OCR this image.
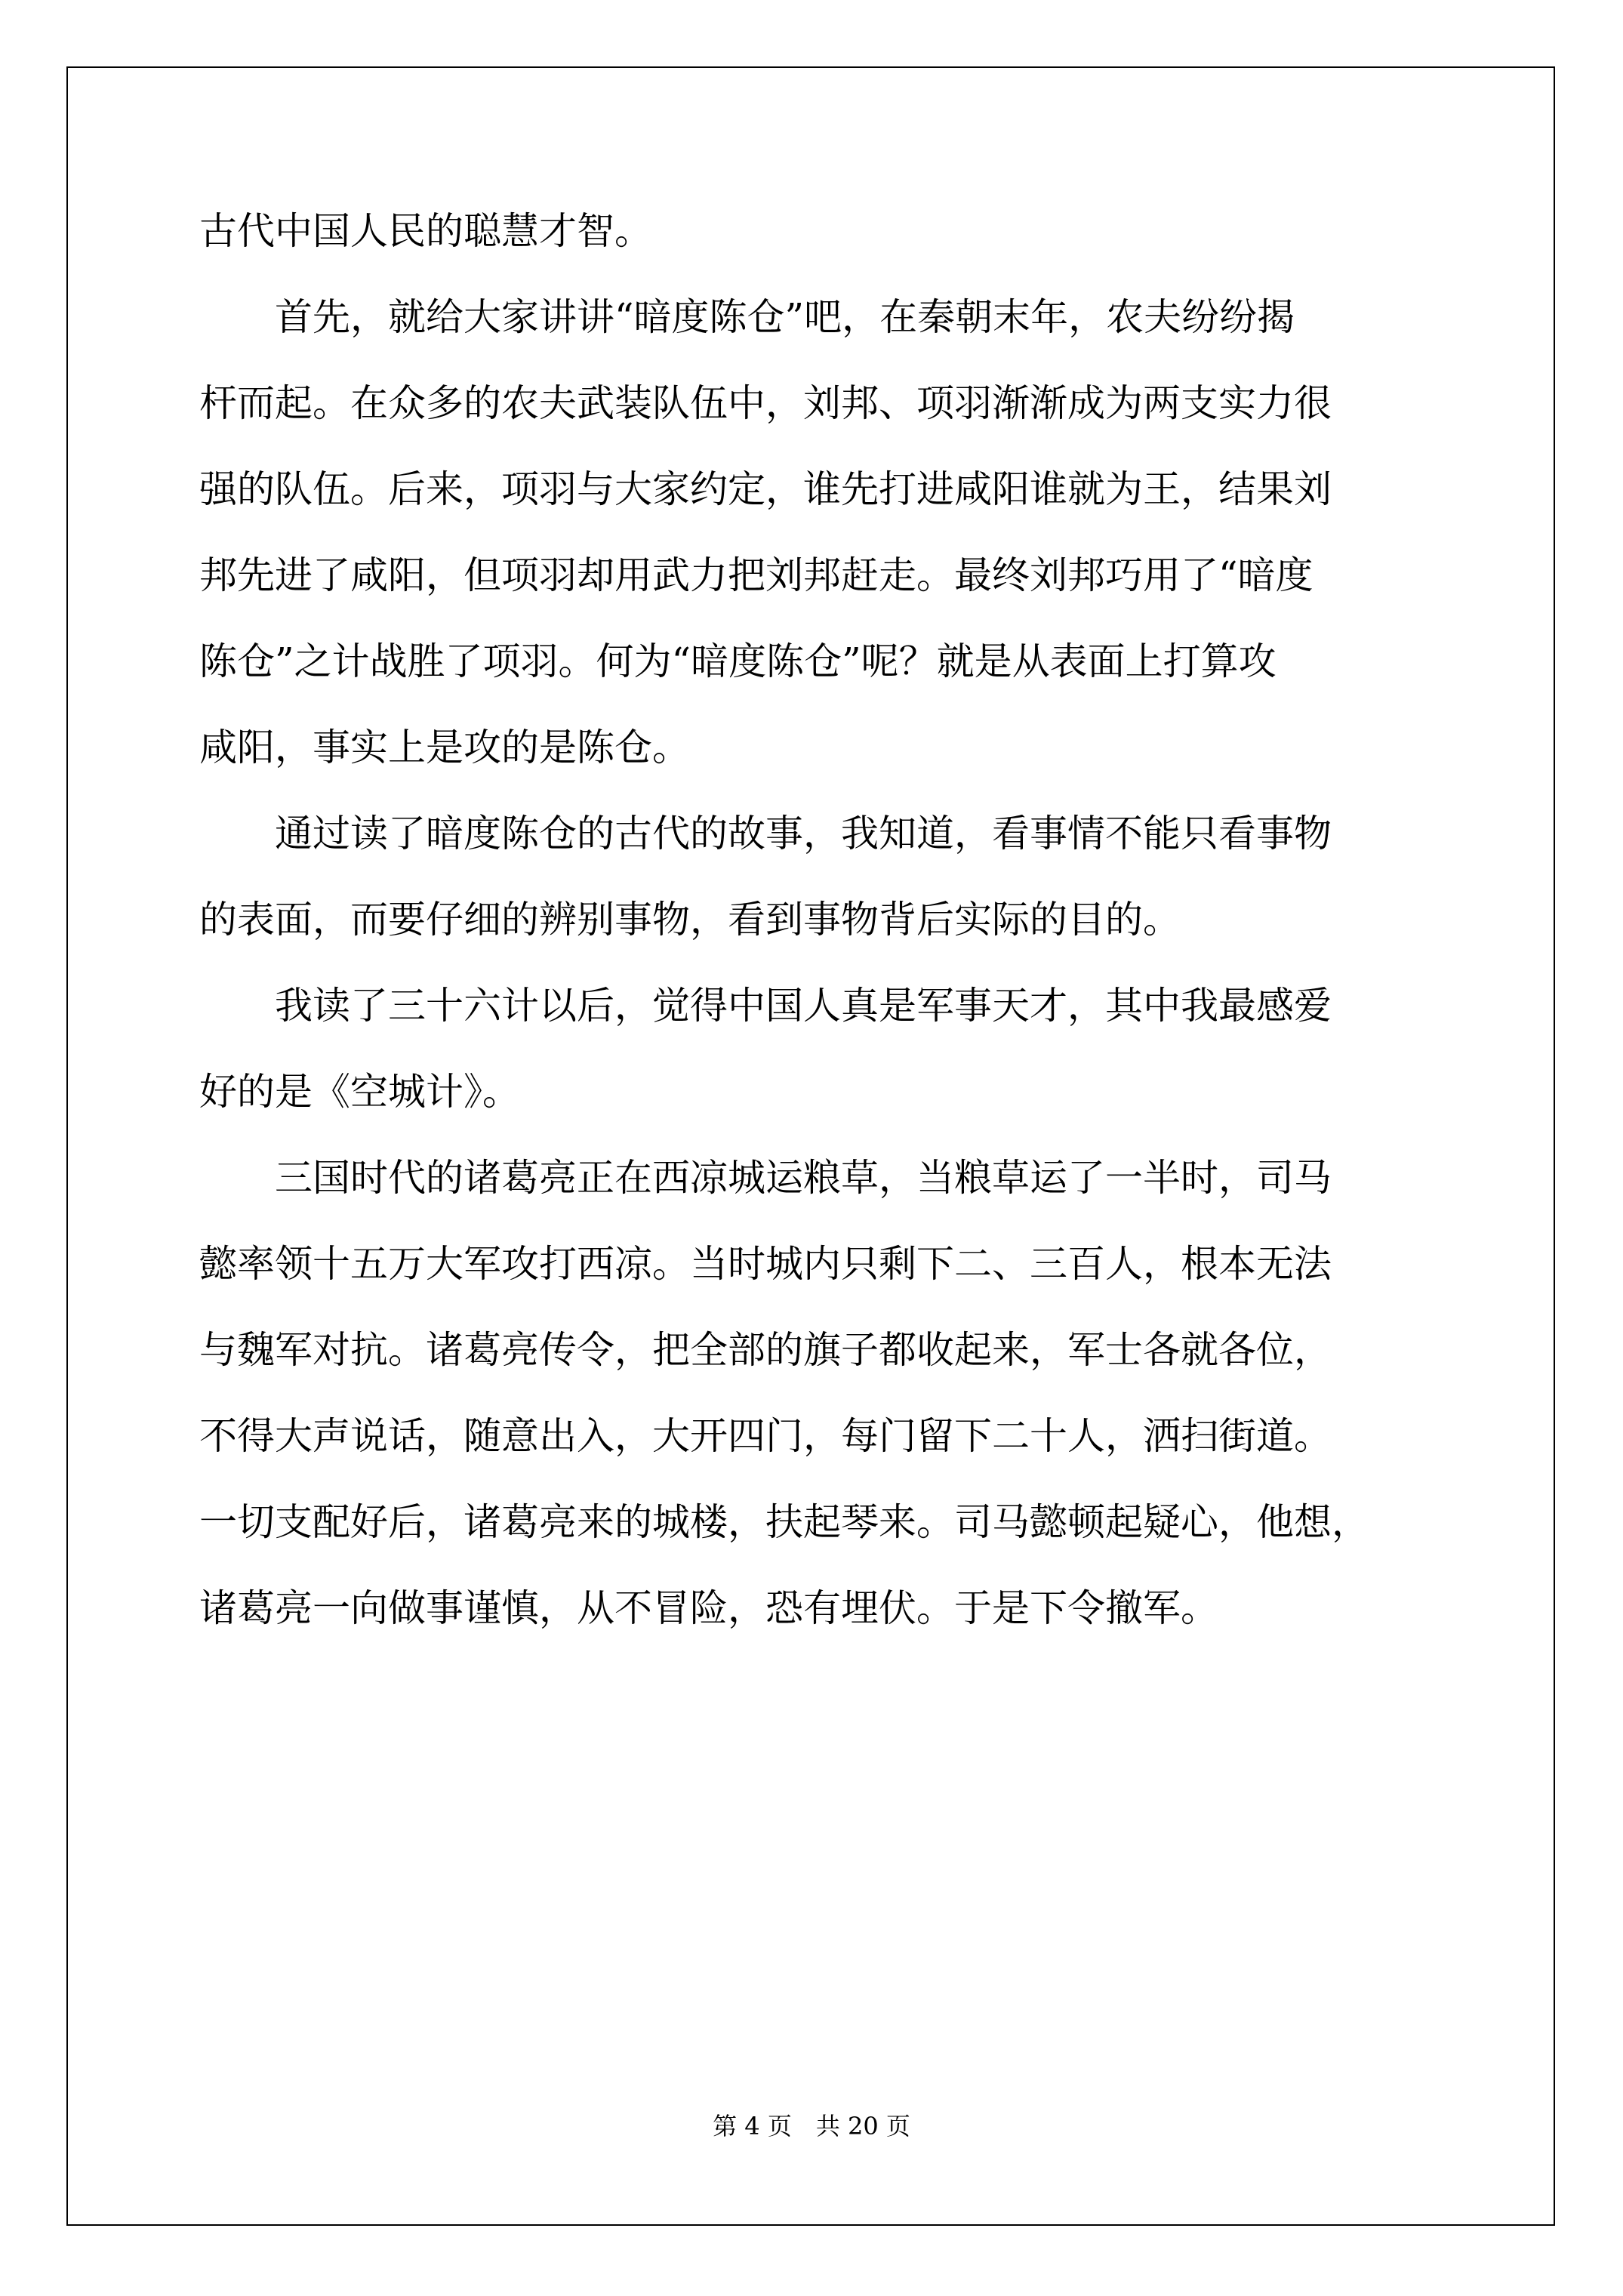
古代中国人民的聪慧才智。
　　首先，就给大家讲讲“暗度陈仓”吧，在秦朝末年，农夫纷纷揭
杆而起。在众多的农夫武装队伍中，刘邦、项羽渐渐成为两支实力很
强的队伍。后来，项羽与大家约定，谁先打进咸阳谁就为王，结果刘
邦先进了咸阳，但项羽却用武力把刘邦赶走。最终刘邦巧用了“暗度
陈仓”之计战胜了项羽。何为“暗度陈仓”呢？就是从表面上打算攻
咸阳，事实上是攻的是陈仓。
　　通过读了暗度陈仓的古代的故事，我知道，看事情不能只看事物
的表面，而要仔细的辨别事物，看到事物背后实际的目的。
　　我读了三十六计以后，觉得中国人真是军事天才，其中我最感爱
好的是《空城计》。
　　三国时代的诸葛亮正在西凉城运粮草，当粮草运了一半时，司马
懿率领十五万大军攻打西凉。当时城内只剩下二、三百人，根本无法
与魏军对抗。诸葛亮传令，把全部的旗子都收起来，军士各就各位，
不得大声说话，随意出入，大开四门，每门留下二十人，洒扫街道。
一切支配好后，诸葛亮来的城楼，扶起琴来。司马懿顿起疑心，他想，
诸葛亮一向做事谨慎，从不冒险，恐有埋伏。于是下令撤军。
第 4 页　共 20 页
